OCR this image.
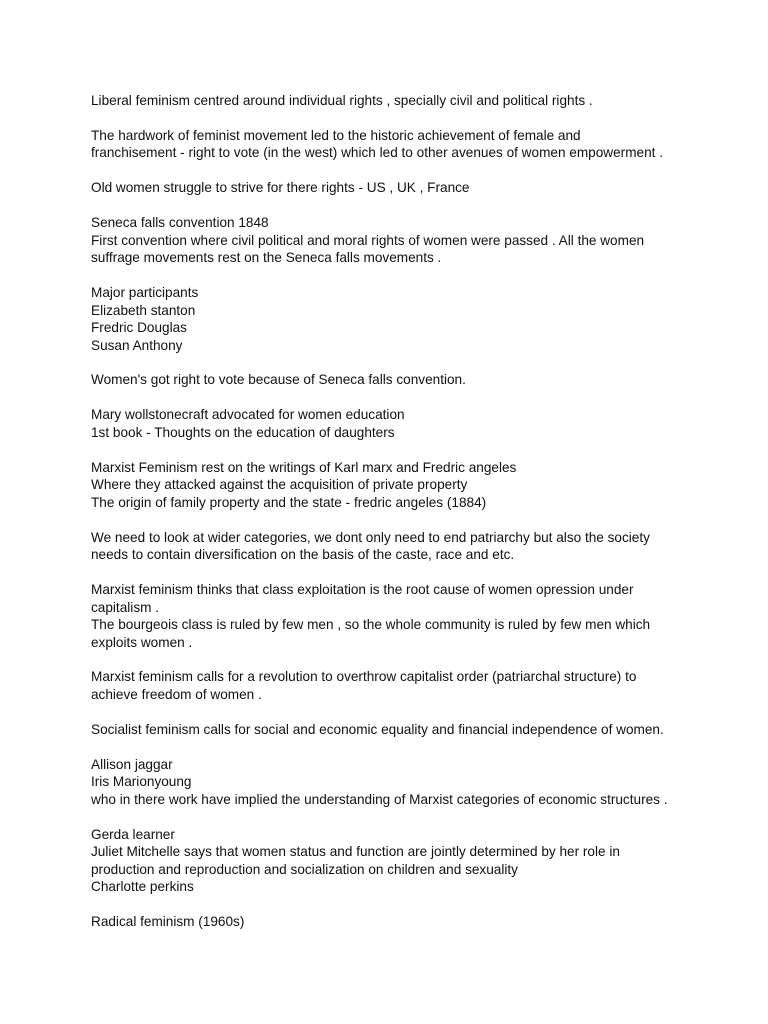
Liberal feminism centred around individual rights , specially civil and political rights .
The hardwork of feminist movement led to the historic achievement of female and
franchisement - right to vote (in the west) which led to other avenues of women empowerment .
Old women struggle to strive for there rights - US , UK , France
Seneca falls convention 1848
First convention where civil political and moral rights of women were passed . All the women
suffrage movements rest on the Seneca falls movements .
Major participants
Elizabeth stanton
Fredric Douglas
Susan Anthony
Women's got right to vote because of Seneca falls convention.
Mary wollstonecraft advocated for women education
1st book - Thoughts on the education of daughters
Marxist Feminism rest on the writings of Karl marx and Fredric angeles
Where they attacked against the acquisition of private property
The origin of family property and the state - fredric angeles (1884)
We need to look at wider categories, we dont only need to end patriarchy but also the society
needs to contain diversification on the basis of the caste, race and etc.
Marxist feminism thinks that class exploitation is the root cause of women opression under
capitalism .
The bourgeois class is ruled by few men , so the whole community is ruled by few men which
exploits women .
Marxist feminism calls for a revolution to overthrow capitalist order (patriarchal structure) to
achieve freedom of women .
Socialist feminism calls for social and economic equality and financial independence of women.
Allison jaggar
Iris Marionyoung
who in there work have implied the understanding of Marxist categories of economic structures .
Gerda learner
Juliet Mitchelle says that women status and function are jointly determined by her role in
production and reproduction and socialization on children and sexuality
Charlotte perkins
Radical feminism (1960s)
